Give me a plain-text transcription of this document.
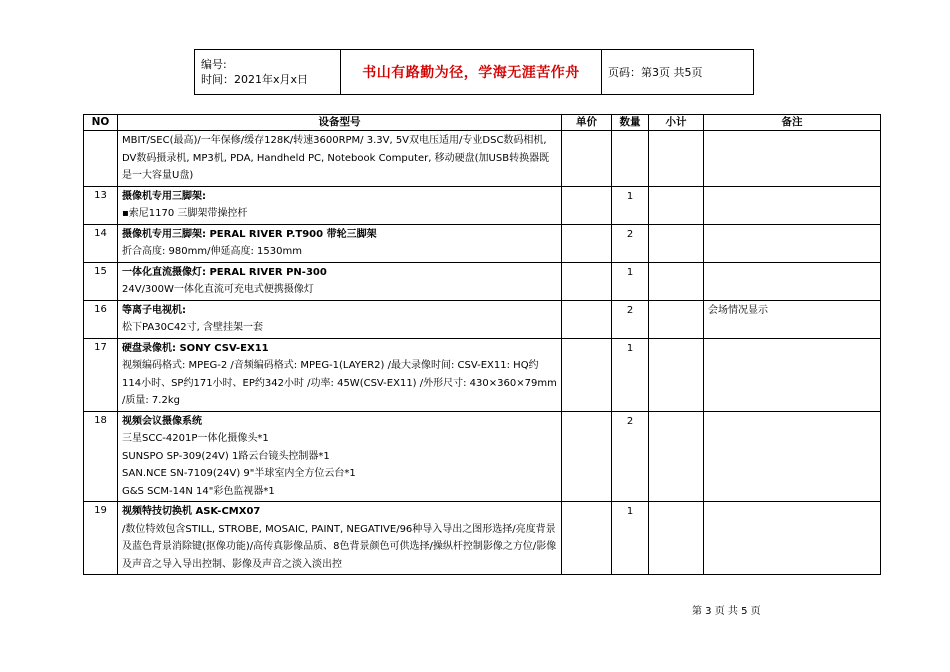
编号:
时间：2021年x月x日	书山有路勤为径，学海无涯苦作舟	页码：第3页 共5页
NO	设备型号	单价	数量	小计	备注

	MBIT/SEC(最高)/一年保修/缓存128K/转速3600RPM/ 3.3V, 5V双电压适用/专业DSC数码相机, DV数码摄录机, MP3机, PDA, Handheld PC, Notebook Computer, 移动硬盘(加USB转换器既是一大容量U盘)				

13	摄像机专用三脚架:
▪索尼1170 三脚架带操控杆		1		
14	摄像机专用三脚架: PERAL RIVER P.T900 带轮三脚架
折合高度: 980mm/伸延高度: 1530mm		2		
15	一体化直流摄像灯: PERAL RIVER PN-300
24V/300W一体化直流可充电式便携摄像灯		1		
16	等离子电视机:
松下PA30C42寸, 含壁挂架一套		2		会场情况显示
17	硬盘录像机: SONY CSV-EX11
视频编码格式: MPEG-2 /音频编码格式: MPEG-1(LAYER2) /最大录像时间: CSV-EX11: HQ约114小时、SP约171小时、EP约342小时 /功率: 45W(CSV-EX11) /外形尺寸: 430×360×79mm /质量: 7.2kg		1		
18	视频会议摄像系统
三星SCC-4201P一体化摄像头*1
SUNSPO SP-309(24V) 1路云台镜头控制器*1
SAN.NCE SN-7109(24V) 9"半球室内全方位云台*1
G&S SCM-14N 14"彩色监视器*1		2		
19	视频特技切换机 ASK-CMX07
/数位特效包含STILL, STROBE, MOSAIC, PAINT, NEGATIVE/96种导入导出之图形选择/亮度背景及蓝色背景消除键(抠像功能)/高传真影像品质、8色背景颜色可供选择/操纵杆控制影像之方位/影像及声音之导入导出控制、影像及声音之淡入淡出控		1		
第 3 页 共 5 页
